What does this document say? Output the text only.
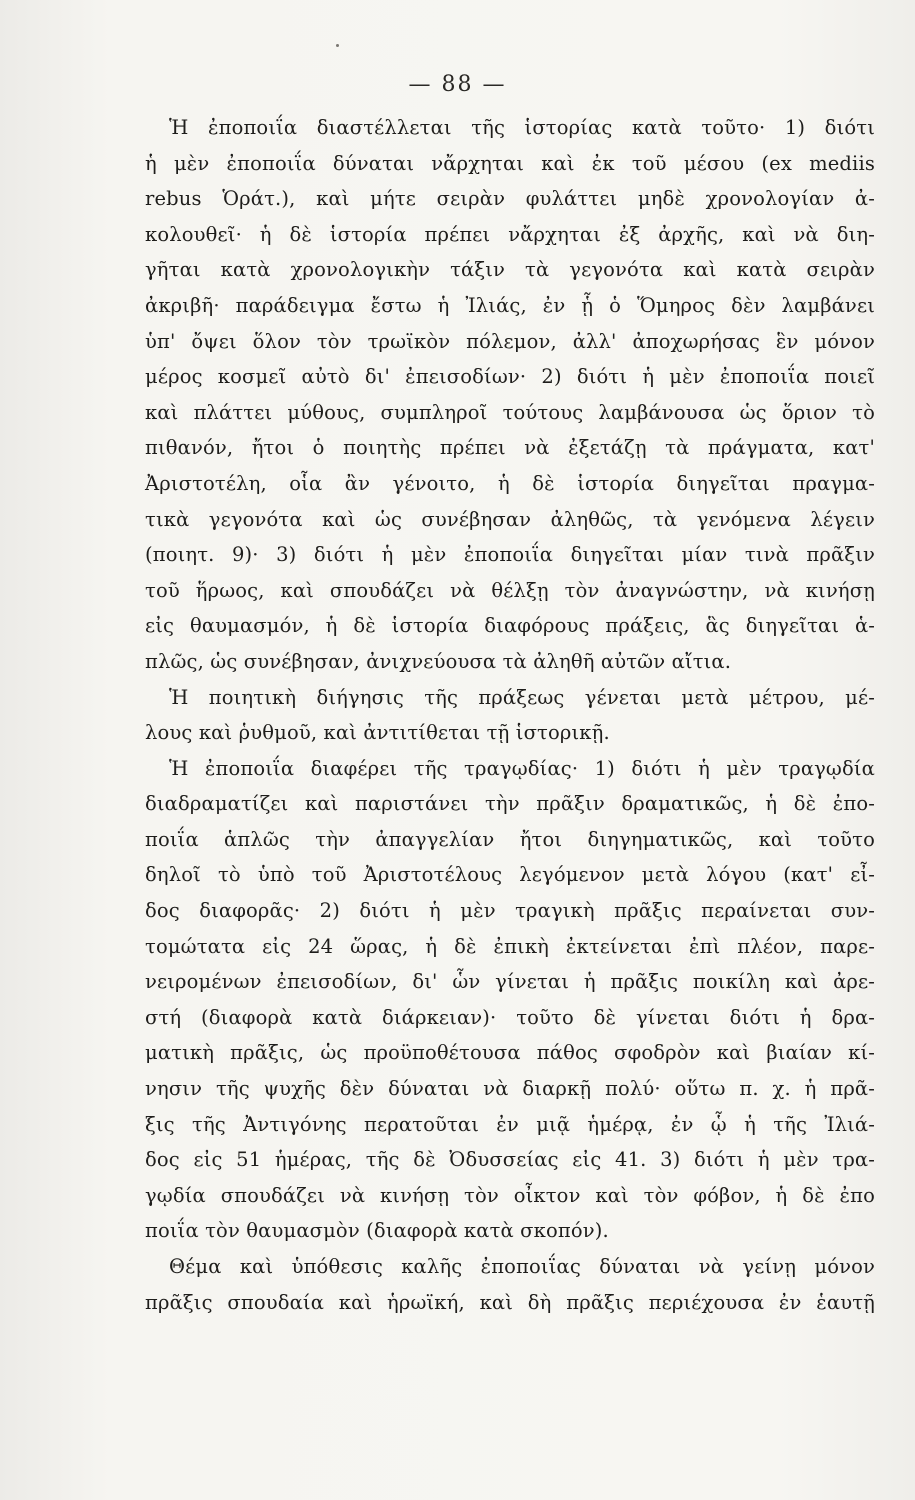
— 88 —
Ἡ ἐποποιΐα διαστέλλεται τῆς ἱστορίας κατὰ τοῦτο· 1) διότι
ἡ μὲν ἐποποιΐα δύναται νἄρχηται καὶ ἐκ τοῦ μέσου (ex mediis
rebus Ὁράτ.), καὶ μήτε σειρὰν φυλάττει μηδὲ χρονολογίαν ἀ-
κολουθεῖ· ἡ δὲ ἱστορία πρέπει νἄρχηται ἐξ ἀρχῆς, καὶ νὰ διη-
γῆται κατὰ χρονολογικὴν τάξιν τὰ γεγονότα καὶ κατὰ σειρὰν
ἀκριβῆ· παράδειγμα ἔστω ἡ Ἰλιάς, ἐν ᾗ ὁ Ὅμηρος δὲν λαμβάνει
ὑπ' ὄψει ὅλον τὸν τρωϊκὸν πόλεμον, ἀλλ' ἀποχωρήσας ἓν μόνον
μέρος κοσμεῖ αὐτὸ δι' ἐπεισοδίων· 2) διότι ἡ μὲν ἐποποιΐα ποιεῖ
καὶ πλάττει μύθους, συμπληροῖ τούτους λαμβάνουσα ὡς ὅριον τὸ
πιθανόν, ἤτοι ὁ ποιητὴς πρέπει νὰ ἐξετάζῃ τὰ πράγματα, κατ'
Ἀριστοτέλη, οἷα ἂν γένοιτο, ἡ δὲ ἱστορία διηγεῖται πραγμα-
τικὰ γεγονότα καὶ ὡς συνέβησαν ἀληθῶς, τὰ γενόμενα λέγειν
(ποιητ. 9)· 3) διότι ἡ μὲν ἐποποιΐα διηγεῖται μίαν τινὰ πρᾶξιν
τοῦ ἥρωος, καὶ σπουδάζει νὰ θέλξῃ τὸν ἀναγνώστην, νὰ κινήσῃ
εἰς θαυμασμόν, ἡ δὲ ἱστορία διαφόρους πράξεις, ἃς διηγεῖται ἁ-
πλῶς, ὡς συνέβησαν, ἀνιχνεύουσα τὰ ἀληθῆ αὐτῶν αἴτια.
Ἡ ποιητικὴ διήγησις τῆς πράξεως γένεται μετὰ μέτρου, μέ-
λους καὶ ῥυθμοῦ, καὶ ἀντιτίθεται τῇ ἱστορικῇ.
Ἡ ἐποποιΐα διαφέρει τῆς τραγῳδίας· 1) διότι ἡ μὲν τραγῳδία
διαδραματίζει καὶ παριστάνει τὴν πρᾶξιν δραματικῶς, ἡ δὲ ἐπο-
ποιΐα ἁπλῶς τὴν ἀπαγγελίαν ἤτοι διηγηματικῶς, καὶ τοῦτο
δηλοῖ τὸ ὑπὸ τοῦ Ἀριστοτέλους λεγόμενον μετὰ λόγου (κατ' εἶ-
δος διαφορᾶς· 2) διότι ἡ μὲν τραγικὴ πρᾶξις περαίνεται συν-
τομώτατα εἰς 24 ὥρας, ἡ δὲ ἐπικὴ ἐκτείνεται ἐπὶ πλέον, παρε-
νειρομένων ἐπεισοδίων, δι' ὧν γίνεται ἡ πρᾶξις ποικίλη καὶ ἀρε-
στή (διαφορὰ κατὰ διάρκειαν)· τοῦτο δὲ γίνεται διότι ἡ δρα-
ματικὴ πρᾶξις, ὡς προϋποθέτουσα πάθος σφοδρὸν καὶ βιαίαν κί-
νησιν τῆς ψυχῆς δὲν δύναται νὰ διαρκῇ πολύ· οὕτω π. χ. ἡ πρᾶ-
ξις τῆς Ἀντιγόνης περατοῦται ἐν μιᾷ ἡμέρᾳ, ἐν ᾧ ἡ τῆς Ἰλιά-
δος εἰς 51 ἡμέρας, τῆς δὲ Ὀδυσσείας εἰς 41. 3) διότι ἡ μὲν τρα-
γῳδία σπουδάζει νὰ κινήσῃ τὸν οἶκτον καὶ τὸν φόβον, ἡ δὲ ἐπο
ποιΐα τὸν θαυμασμὸν (διαφορὰ κατὰ σκοπόν).
Θέμα καὶ ὑπόθεσις καλῆς ἐποποιΐας δύναται νὰ γείνῃ μόνον
πρᾶξις σπουδαία καὶ ἡρωϊκή, καὶ δὴ πρᾶξις περιέχουσα ἐν ἑαυτῇ
